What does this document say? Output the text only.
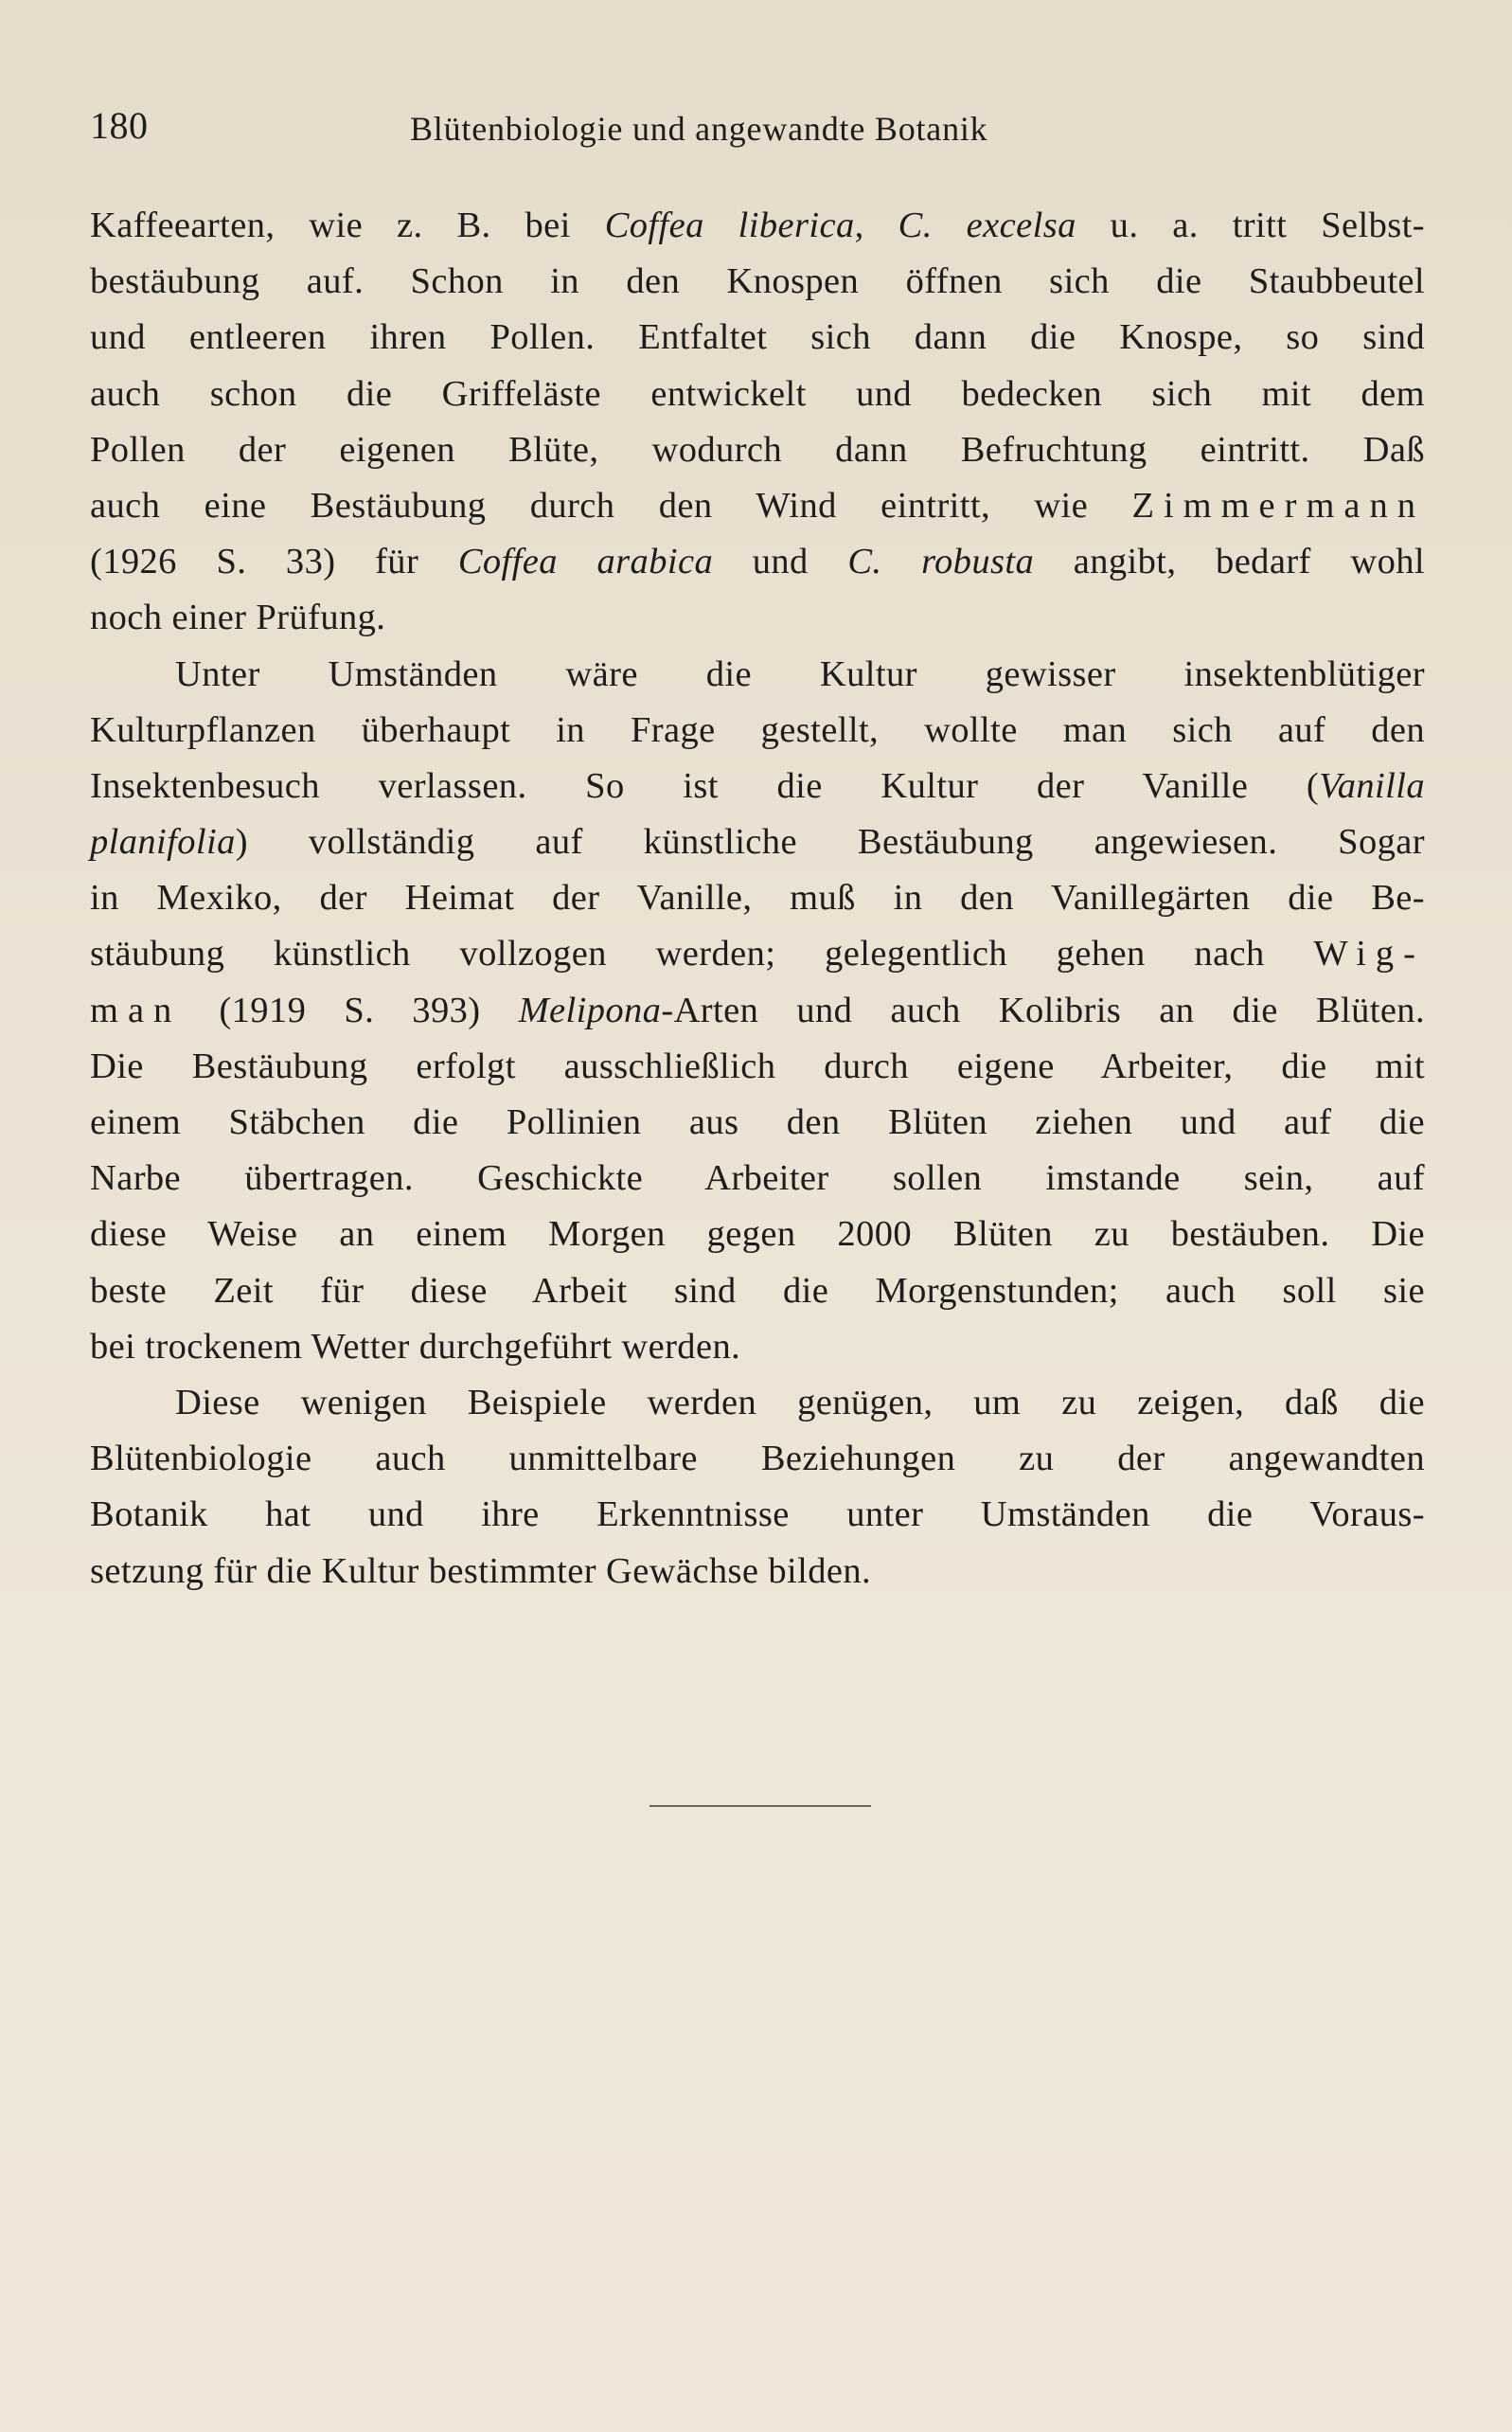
180	Blütenbiologie und angewandte Botanik
Kaffeearten, wie z. B. bei Coffea liberica, C. excelsa u. a. tritt Selbst-
bestäubung auf. Schon in den Knospen öffnen sich die Staubbeutel
und entleeren ihren Pollen. Entfaltet sich dann die Knospe, so sind
auch schon die Griffeläste entwickelt und bedecken sich mit dem
Pollen der eigenen Blüte, wodurch dann Befruchtung eintritt. Daß
auch eine Bestäubung durch den Wind eintritt, wie Zimmermann
(1926 S. 33) für Coffea arabica und C. robusta angibt, bedarf wohl
noch einer Prüfung.
Unter Umständen wäre die Kultur gewisser insektenblütiger
Kulturpflanzen überhaupt in Frage gestellt, wollte man sich auf den
Insektenbesuch verlassen. So ist die Kultur der Vanille (Vanilla
planifolia) vollständig auf künstliche Bestäubung angewiesen. Sogar
in Mexiko, der Heimat der Vanille, muß in den Vanillegärten die Be-
stäubung künstlich vollzogen werden; gelegentlich gehen nach Wig-
man (1919 S. 393) Melipona-Arten und auch Kolibris an die Blüten.
Die Bestäubung erfolgt ausschließlich durch eigene Arbeiter, die mit
einem Stäbchen die Pollinien aus den Blüten ziehen und auf die
Narbe übertragen. Geschickte Arbeiter sollen imstande sein, auf
diese Weise an einem Morgen gegen 2000 Blüten zu bestäuben. Die
beste Zeit für diese Arbeit sind die Morgenstunden; auch soll sie
bei trockenem Wetter durchgeführt werden.
Diese wenigen Beispiele werden genügen, um zu zeigen, daß die
Blütenbiologie auch unmittelbare Beziehungen zu der angewandten
Botanik hat und ihre Erkenntnisse unter Umständen die Voraus-
setzung für die Kultur bestimmter Gewächse bilden.
